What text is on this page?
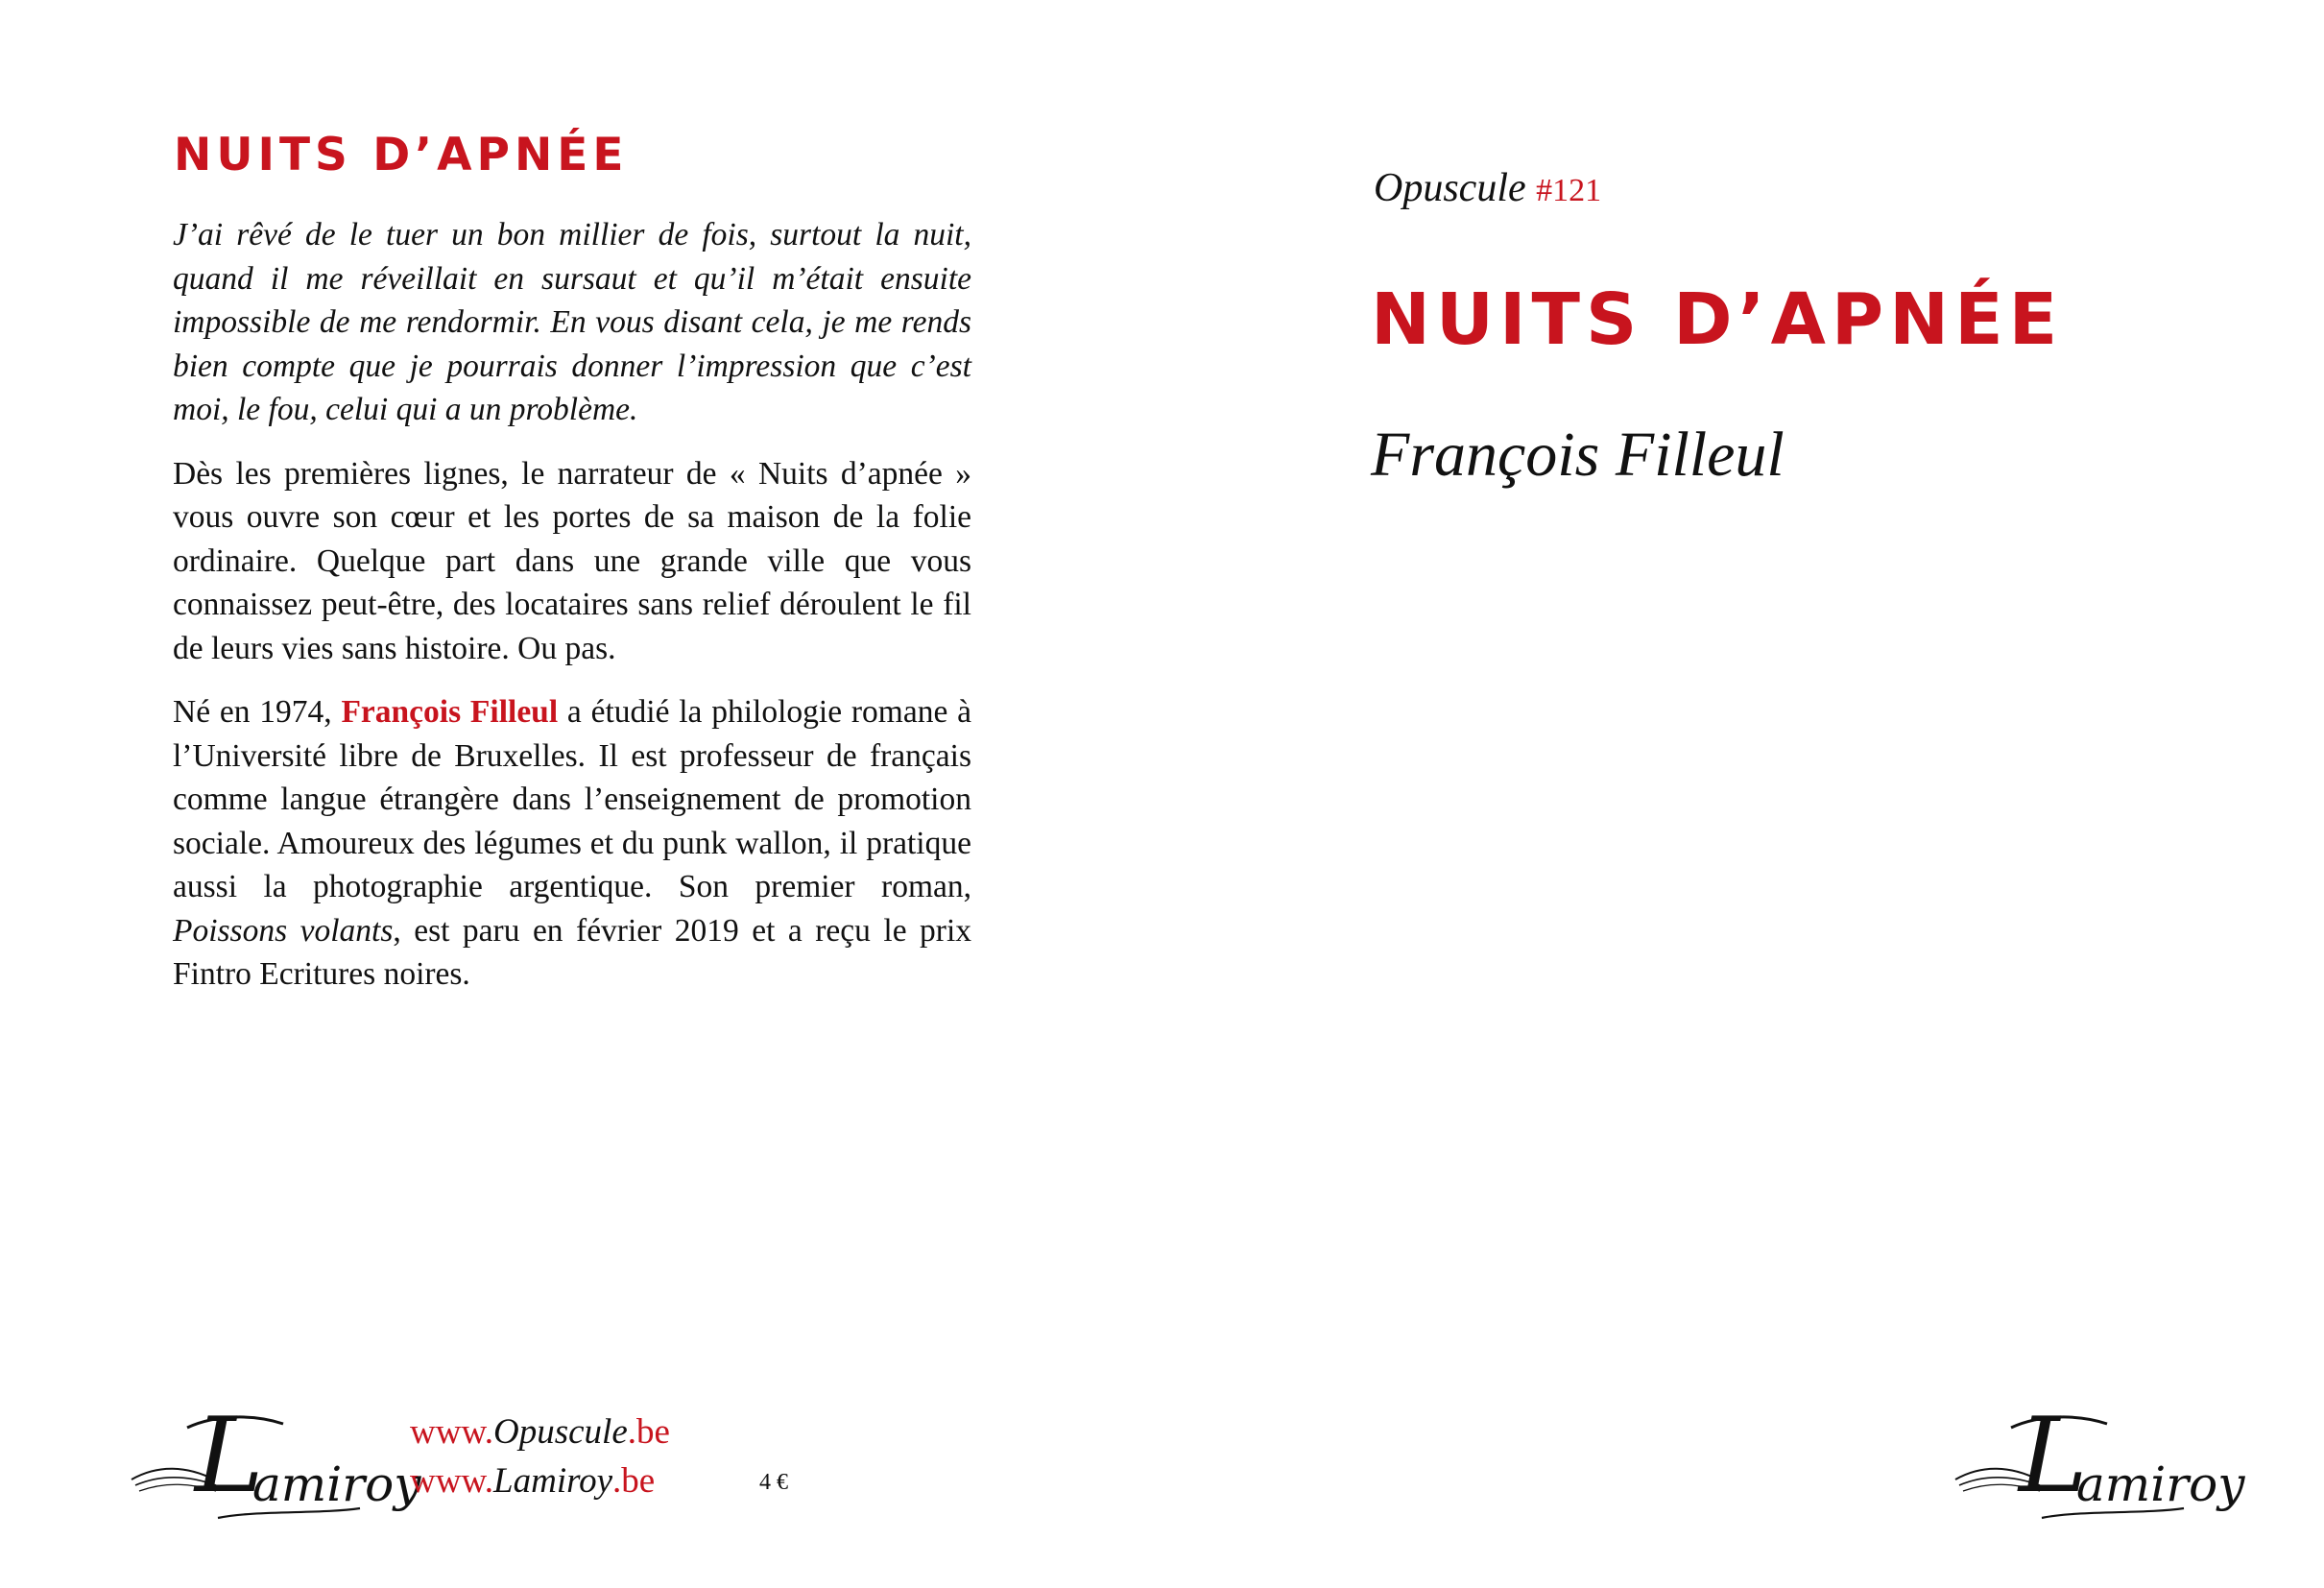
NUITS D’APNÉE

J’ai rêvé de le tuer un bon millier de fois, surtout la nuit, quand il me réveillait en sursaut et qu’il m’était ensuite impossible de me rendormir. En vous disant cela, je me rends bien compte que je pourrais donner l’impression que c’est moi, le fou, celui qui a un problème.

Dès les premières lignes, le narrateur de « Nuits d’apnée » vous ouvre son cœur et les portes de sa maison de la folie ordinaire. Quelque part dans une grande ville que vous connaissez peut-être, des locataires sans relief déroulent le fil de leurs vies sans histoire. Ou pas.

Né en 1974, François Filleul a étudié la philologie romane à l’Université libre de Bruxelles. Il est professeur de français comme langue étrangère dans l’enseignement de promotion sociale. Amoureux des légumes et du punk wallon, il pratique aussi la photographie argentique. Son premier roman, Poissons volants, est paru en février 2019 et a reçu le prix Fintro Ecritures noires.

L
amiroy
www.Opuscule.be
www.Lamiroy.be	4 €
Opuscule #121
NUITS D’APNÉE
François Filleul
L
amiroy
